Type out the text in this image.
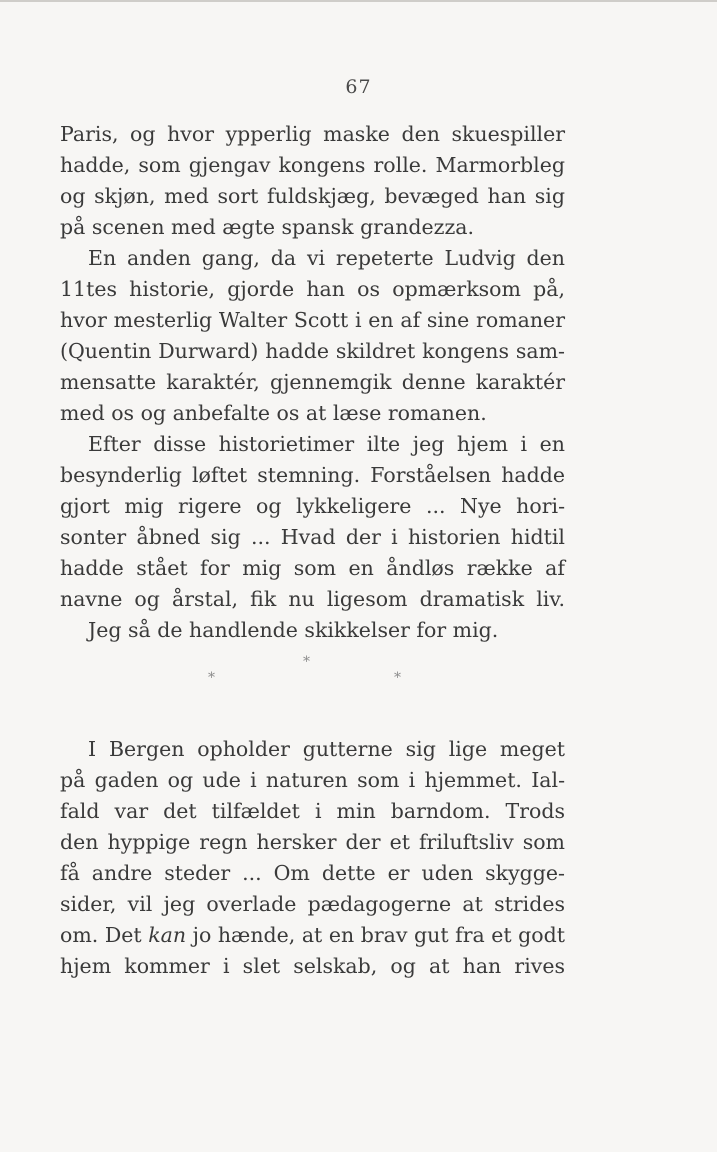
67
Paris, og hvor ypperlig maske den skuespiller
hadde, som gjengav kongens rolle. Marmorbleg
og skjøn, med sort fuldskjæg, bevæged han sig
på scenen med ægte spansk grandezza.
En anden gang, da vi repeterte Ludvig den
11tes historie, gjorde han os opmærksom på,
hvor mesterlig Walter Scott i en af sine romaner
(Quentin Durward) hadde skildret kongens sam-
mensatte karaktér, gjennemgik denne karaktér
med os og anbefalte os at læse romanen.
Efter disse historietimer ilte jeg hjem i en
besynderlig løftet stemning. Forståelsen hadde
gjort mig rigere og lykkeligere ... Nye hori-
sonter åbned sig ... Hvad der i historien hidtil
hadde stået for mig som en åndløs række af
navne og årstal, fik nu ligesom dramatisk liv.
Jeg så de handlende skikkelser for mig.
*
*	*
I Bergen opholder gutterne sig lige meget
på gaden og ude i naturen som i hjemmet. Ial-
fald var det tilfældet i min barndom. Trods
den hyppige regn hersker der et friluftsliv som
få andre steder ... Om dette er uden skygge-
sider, vil jeg overlade pædagogerne at strides
om. Det kan jo hænde, at en brav gut fra et godt
hjem kommer i slet selskab, og at han rives
